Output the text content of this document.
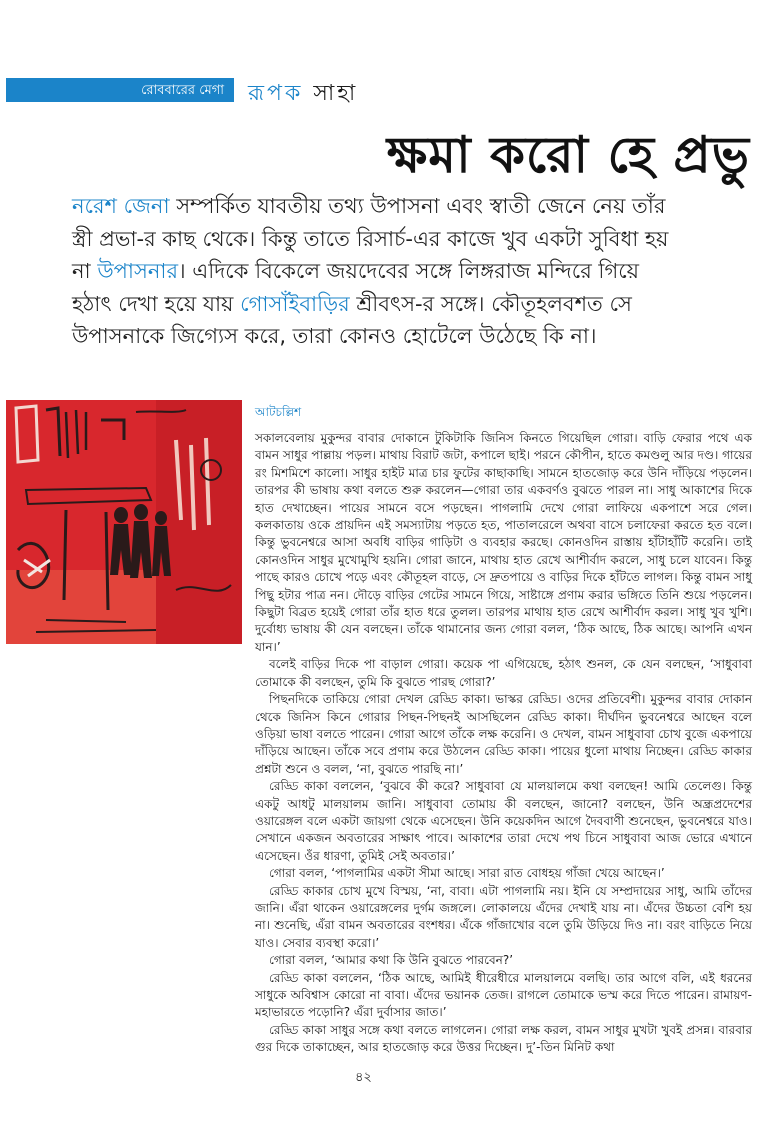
রোববারের মেগা রূপক সাহা
ক্ষমা করো হে প্রভু
নরেশ জেনা সম্পর্কিত যাবতীয় তথ্য উপাসনা এবং স্বাতী জেনে নেয় তাঁর স্ত্রী প্রভা-র কাছ থেকে। কিন্তু তাতে রিসার্চ-এর কাজে খুব একটা সুবিধা হয় না উপাসনার। এদিকে বিকেলে জয়দেবের সঙ্গে লিঙ্গরাজ মন্দিরে গিয়ে হঠাৎ দেখা হয়ে যায় গোসাঁইবাড়ির শ্রীবৎস-র সঙ্গে। কৌতূহলবশত সে উপাসনাকে জিগ্যেস করে, তারা কোনও হোটেলে উঠেছে কি না।
আটচল্লিশ

সকালবেলায় মুকুন্দর বাবার দোকানে টুকিটাকি জিনিস কিনতে গিয়েছিল গোরা। বাড়ি ফেরার পথে এক বামন সাধুর পাল্লায় পড়ল। মাথায় বিরাট জটা, কপালে ছাই। পরনে কৌপীন, হাতে কমণ্ডলু আর দণ্ড। গায়ের রং মিশমিশে কালো। সাধুর হাইট মাত্র চার ফুটের কাছাকাছি। সামনে হাতজোড় করে উনি দাঁড়িয়ে পড়লেন। তারপর কী ভাষায় কথা বলতে শুরু করলেন—গোরা তার একবর্ণও বুঝতে পারল না। সাধু আকাশের দিকে হাত দেখাচ্ছেন। পায়ের সামনে বসে পড়ছেন। পাগলামি দেখে গোরা লাফিয়ে একপাশে সরে গেল। কলকাতায় ওকে প্রায়দিন এই সমস্যাটায় পড়তে হত, পাতালরেলে অথবা বাসে চলাফেরা করতে হত বলে। কিন্তু ভুবনেশ্বরে আসা অবধি বাড়ির গাড়িটা ও ব্যবহার করছে। কোনওদিন রাস্তায় হাঁটাহাঁটি করেনি। তাই কোনওদিন সাধুর মুখোমুখি হয়নি। গোরা জানে, মাথায় হাত রেখে আশীর্বাদ করলে, সাধু চলে যাবেন। কিন্তু পাছে কারও চোখে পড়ে এবং কৌতূহল বাড়ে, সে দ্রুতপায়ে ও বাড়ির দিকে হাঁটতে লাগল। কিন্তু বামন সাধু পিছু হটার পাত্র নন। দৌড়ে বাড়ির গেটের সামনে গিয়ে, সাষ্টাঙ্গে প্রণাম করার ভঙ্গিতে তিনি শুয়ে পড়লেন। কিছুটা বিব্রত হয়েই গোরা তাঁর হাত ধরে তুলল। তারপর মাথায় হাত রেখে আশীর্বাদ করল। সাধু খুব খুশি। দুর্বোধ্য ভাষায় কী যেন বলছেন। তাঁকে থামানোর জন্য গোরা বলল, ‘ঠিক আছে, ঠিক আছে। আপনি এখন যান।’

বলেই বাড়ির দিকে পা বাড়াল গোরা। কয়েক পা এগিয়েছে, হঠাৎ শুনল, কে যেন বলছেন, ‘সাধুবাবা তোমাকে কী বলছেন, তুমি কি বুঝতে পারছ গোরা?’

পিছনদিকে তাকিয়ে গোরা দেখল রেড্ডি কাকা। ভাস্কর রেড্ডি। ওদের প্রতিবেশী। মুকুন্দর বাবার দোকান থেকে জিনিস কিনে গোরার পিছন-পিছনই আসছিলেন রেড্ডি কাকা। দীর্ঘদিন ভুবনেশ্বরে আছেন বলে ওড়িয়া ভাষা বলতে পারেন। গোরা আগে তাঁকে লক্ষ করেনি। ও দেখল, বামন সাধুবাবা চোখ বুজে একপায়ে দাঁড়িয়ে আছেন। তাঁকে সবে প্রণাম করে উঠলেন রেড্ডি কাকা। পায়ের ধুলো মাথায় নিচ্ছেন। রেড্ডি কাকার প্রশ্নটা শুনে ও বলল, ‘না, বুঝতে পারছি না।’

রেড্ডি কাকা বললেন, ‘বুঝবে কী করে? সাধুবাবা যে মালয়ালমে কথা বলছেন! আমি তেলেগু। কিন্তু একটু আধটু মালয়ালম জানি। সাধুবাবা তোমায় কী বলছেন, জানো? বলছেন, উনি অন্ধ্রপ্রদেশের ওয়ারেঙ্গল বলে একটা জায়গা থেকে এসেছেন। উনি কয়েকদিন আগে দৈববাণী শুনেছেন, ভুবনেশ্বরে যাও। সেখানে একজন অবতারের সাক্ষাৎ পাবে। আকাশের তারা দেখে পথ চিনে সাধুবাবা আজ ভোরে এখানে এসেছেন। ওঁর ধারণা, তুমিই সেই অবতার।’

গোরা বলল, ‘পাগলামির একটা সীমা আছে। সারা রাত বোধহয় গাঁজা খেয়ে আছেন।’

রেড্ডি কাকার চোখ মুখে বিস্ময়, ‘না, বাবা। এটা পাগলামি নয়। ইনি যে সম্প্রদায়ের সাধু, আমি তাঁদের জানি। এঁরা থাকেন ওয়ারেঙ্গলের দুর্গম জঙ্গলে। লোকালয়ে এঁদের দেখাই যায় না। এঁদের উচ্চতা বেশি হয় না। শুনেছি, এঁরা বামন অবতারের বংশধর। এঁকে গাঁজাখোর বলে তুমি উড়িয়ে দিও না। বরং বাড়িতে নিয়ে যাও। সেবার ব্যবস্থা করো।’

গোরা বলল, ‘আমার কথা কি উনি বুঝতে পারবেন?’

রেড্ডি কাকা বললেন, ‘ঠিক আছে, আমিই ধীরেধীরে মালয়ালমে বলছি। তার আগে বলি, এই ধরনের সাধুকে অবিশ্বাস কোরো না বাবা। এঁদের ভয়ানক তেজ। রাগলে তোমাকে ভস্ম করে দিতে পারেন। রামায়ণ-মহাভারতে পড়োনি? এঁরা দুর্বাসার জাত।’

রেড্ডি কাকা সাধুর সঙ্গে কথা বলতে লাগলেন। গোরা লক্ষ করল, বামন সাধুর মুখটা খুবই প্রসন্ন। বারবার গুর দিকে তাকাচ্ছেন, আর হাতজোড় করে উত্তর দিচ্ছেন। দু’-তিন মিনিট কথা

৪২
